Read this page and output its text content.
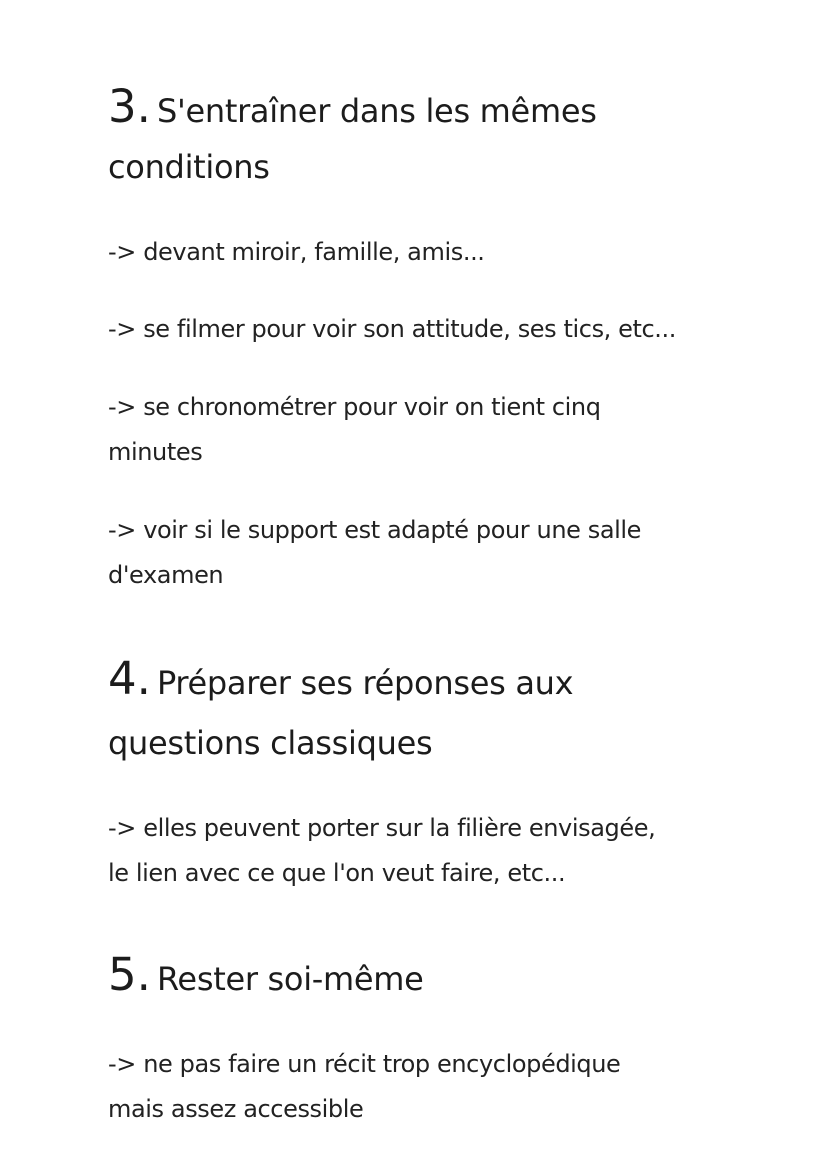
3. S'entraîner dans les mêmes
conditions
-> devant miroir, famille, amis...
-> se filmer pour voir son attitude, ses tics, etc...
-> se chronométrer pour voir on tient cinq
minutes
-> voir si le support est adapté pour une salle
d'examen
4. Préparer ses réponses aux
questions classiques
-> elles peuvent porter sur la filière envisagée,
le lien avec ce que l'on veut faire, etc...
5. Rester soi-même
-> ne pas faire un récit trop encyclopédique
mais assez accessible
